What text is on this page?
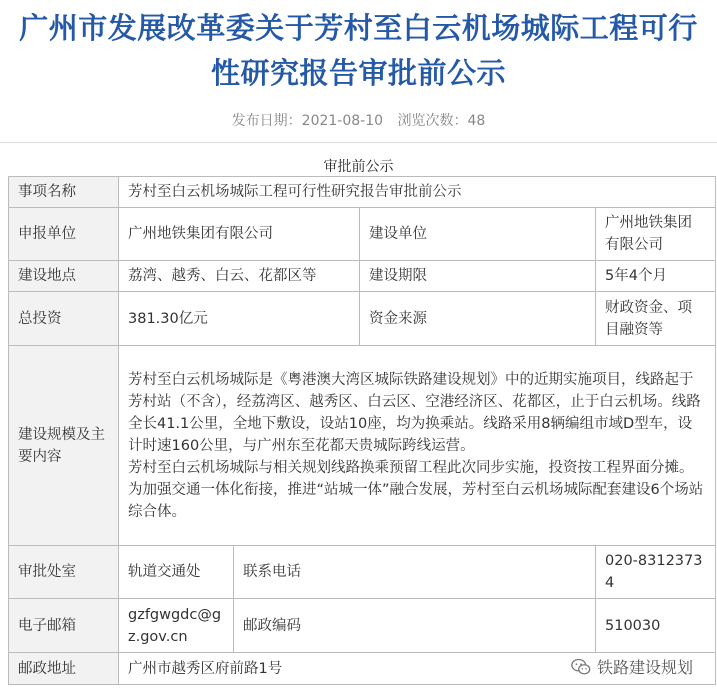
广州市发展改革委关于芳村至白云机场城际工程可行性研究报告审批前公示
发布日期：2021-08-10 浏览次数：48
审批前公示
事项名称	芳村至白云机场城际工程可行性研究报告审批前公示			
申报单位	广州地铁集团有限公司		建设单位	广州地铁集团有限公司
建设地点	荔湾、越秀、白云、花都区等		建设期限	5年4个月
总投资	381.30亿元		资金来源	财政资金、项目融资等
建设规模及主要内容	芳村至白云机场城际是《粤港澳大湾区城际铁路建设规划》中的近期实施项目，线路起于芳村站（不含），经荔湾区、越秀区、白云区、空港经济区、花都区，止于白云机场。线路全长41.1公里，全地下敷设，设站10座，均为换乘站。线路采用8辆编组市域D型车，设计时速160公里，与广州东至花都天贵城际跨线运营。

芳村至白云机场城际与相关规划线路换乘预留工程此次同步实施，投资按工程界面分摊。为加强交通一体化衔接，推进“站城一体”融合发展，芳村至白云机场城际配套建设6个场站综合体。			

审批处室	轨道交通处	联系电话		020-83123734
电子邮箱	gzfgwgdc@gz.gov.cn	邮政编码		510030
邮政地址	广州市越秀区府前路1号				铁路建设规划
